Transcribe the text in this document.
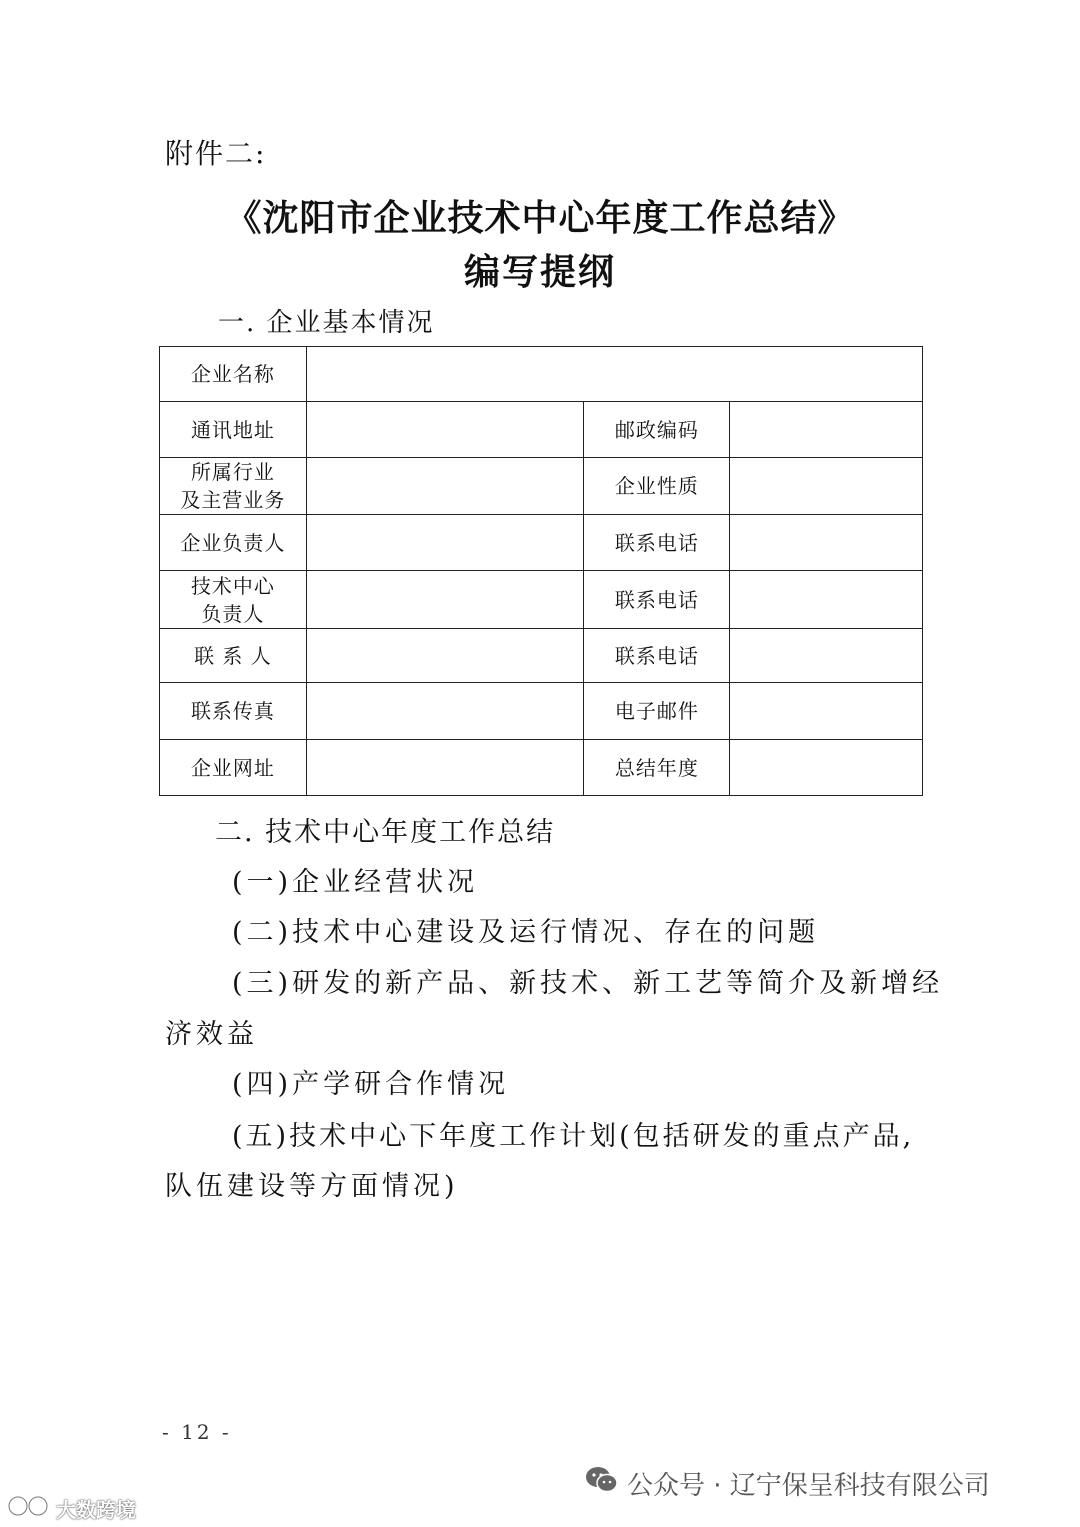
附件二:
《沈阳市企业技术中心年度工作总结》
编写提纲
一. 企业基本情况
企业名称			
通讯地址		邮政编码	

所属行业
及主营业务		企业性质	
企业负责人		联系电话	

技术中心
负责人		联系电话	
联 系 人		联系电话	
联系传真		电子邮件	
企业网址		总结年度	
二. 技术中心年度工作总结
(一)企业经营状况
(二)技术中心建设及运行情况、存在的问题
(三)研发的新产品、新技术、新工艺等简介及新增经
济效益
(四)产学研合作情况
(五)技术中心下年度工作计划(包括研发的重点产品,
队伍建设等方面情况)
- 12 -
公众号 · 辽宁保呈科技有限公司
大数跨境
